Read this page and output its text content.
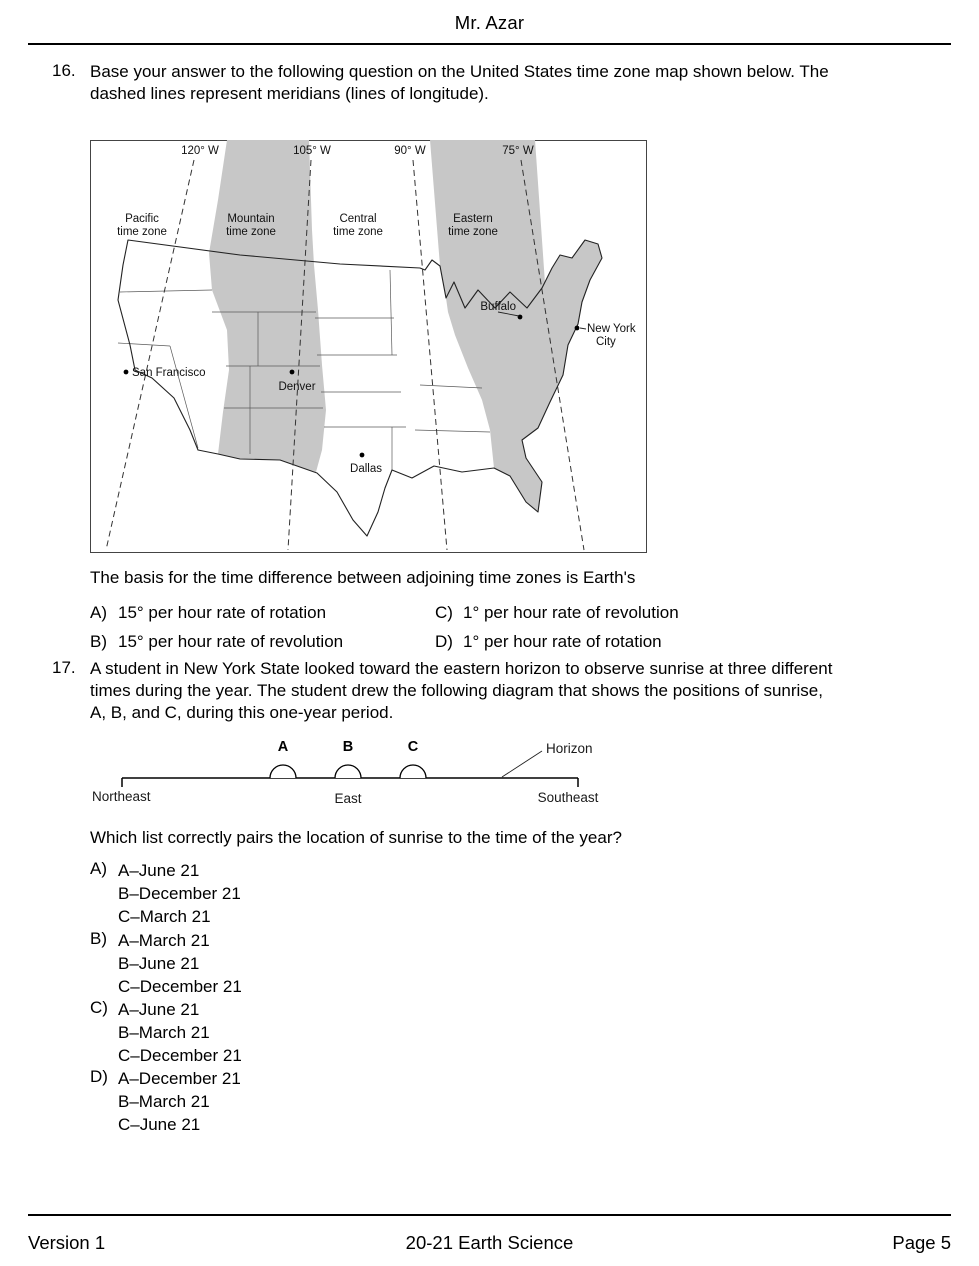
Mr. Azar
16. Base your answer to the following question on the United States time zone map shown below. The dashed lines represent meridians (lines of longitude).

120° W	105° W	90° W	75° W
Pacific
time zone
Mountain
time zone
Central
time zone
Eastern
time zone
San Francisco
Denver
Dallas
Buffalo
New York
City

The basis for the time difference between adjoining time zones is Earth's

A) 15° per hour rate of rotation	C) 1° per hour rate of revolution
B) 15° per hour rate of revolution	D) 1° per hour rate of rotation
17. A student in New York State looked toward the eastern horizon to observe sunrise at three different times during the year. The student drew the following diagram that shows the positions of sunrise, A, B, and C, during this one-year period.

A	B	C	Horizon
Northeast	East	Southeast

Which list correctly pairs the location of sunrise to the time of the year?

A) A–June 21
B–December 21
C–March 21
B) A–March 21
B–June 21
C–December 21
C) A–June 21
B–March 21
C–December 21
D) A–December 21
B–March 21
C–June 21
Version 1	20-21 Earth Science	Page 5
